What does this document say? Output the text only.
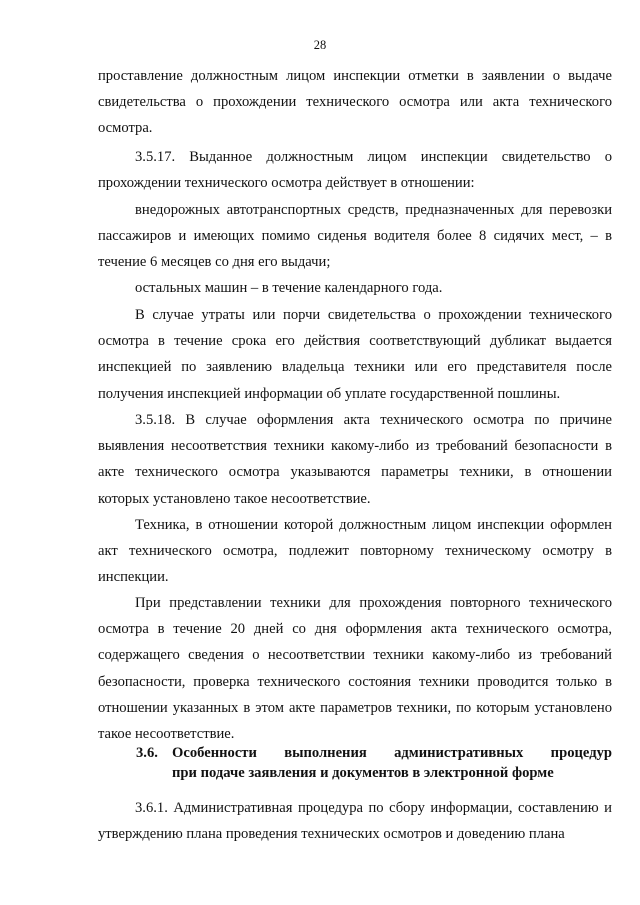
28

проставление должностным лицом инспекции отметки в заявлении о выдаче свидетельства о прохождении технического осмотра или акта технического осмотра.

3.5.17. Выданное должностным лицом инспекции свидетельство о прохождении технического осмотра действует в отношении:

внедорожных автотранспортных средств, предназначенных для перевозки пассажиров и имеющих помимо сиденья водителя более 8 сидячих мест, – в течение 6 месяцев со дня его выдачи;

остальных машин – в течение календарного года.

В случае утраты или порчи свидетельства о прохождении технического осмотра в течение срока его действия соответствующий дубликат выдается инспекцией по заявлению владельца техники или его представителя после получения инспекцией информации об уплате государственной пошлины.

3.5.18. В случае оформления акта технического осмотра по причине выявления несоответствия техники какому-либо из требований безопасности в акте технического осмотра указываются параметры техники, в отношении которых установлено такое несоответствие.

Техника, в отношении которой должностным лицом инспекции оформлен акт технического осмотра, подлежит повторному техническому осмотру в инспекции.

При представлении техники для прохождения повторного технического осмотра в течение 20 дней со дня оформления акта технического осмотра, содержащего сведения о несоответствии техники какому-либо из требований безопасности, проверка технического состояния техники проводится только в отношении указанных в этом акте параметров техники, по которым установлено такое несоответствие.

3.6. Особенности выполнения административных процедур
при подаче заявления и документов в электронной форме

3.6.1. Административная процедура по сбору информации, составлению и утверждению плана проведения технических осмотров и доведению плана
